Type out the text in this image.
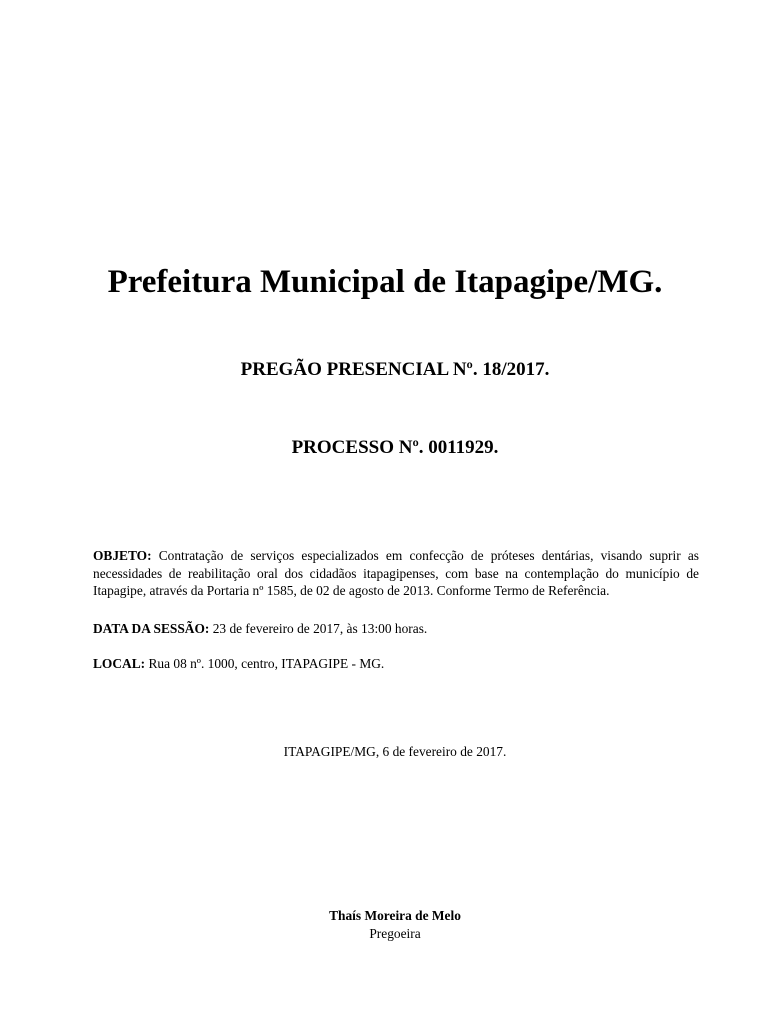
Prefeitura Municipal de Itapagipe/MG.
PREGÃO PRESENCIAL Nº. 18/2017.
PROCESSO Nº. 0011929.

OBJETO: Contratação de serviços especializados em confecção de próteses dentárias, visando suprir as necessidades de reabilitação oral dos cidadãos itapagipenses, com base na contemplação do município de Itapagipe, através da Portaria nº 1585, de 02 de agosto de 2013. Conforme Termo de Referência.

DATA DA SESSÃO: 23 de fevereiro de 2017, às 13:00 horas.

LOCAL: Rua 08 nº. 1000, centro, ITAPAGIPE - MG.

ITAPAGIPE/MG, 6 de fevereiro de 2017.

Thaís Moreira de Melo

Pregoeira
